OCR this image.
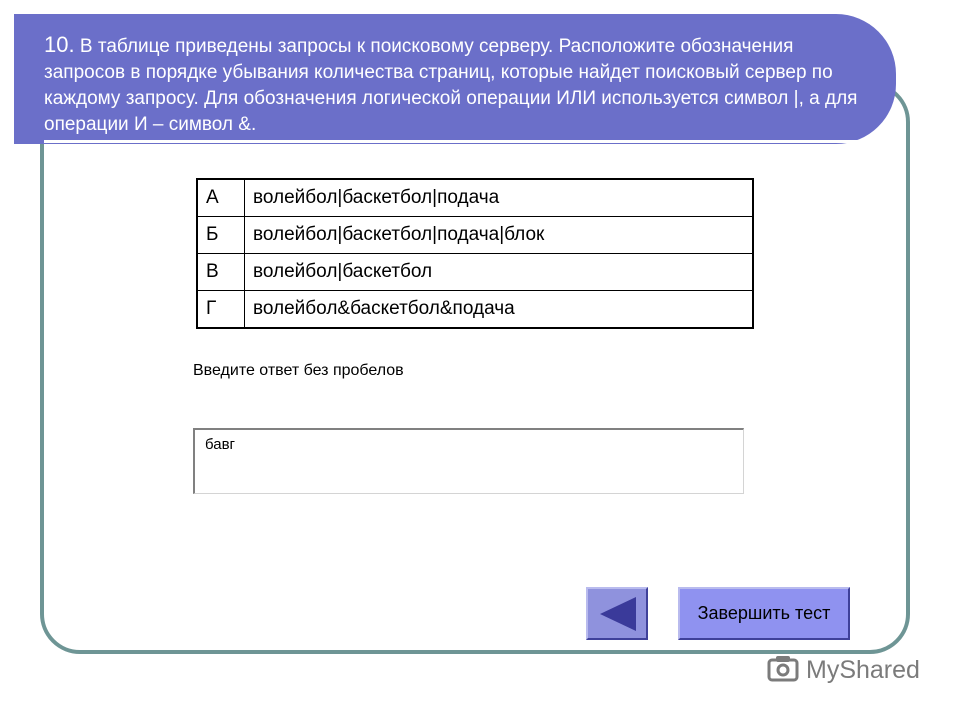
10. В таблице приведены запросы к поисковому серверу. Расположите обозначения запросов в порядке убывания количества страниц, которые найдет поисковый сервер по каждому запросу. Для обозначения логической операции ИЛИ используется символ |, а для операции И – символ &.
А	волейбол|баскетбол|подача
Б	волейбол|баскетбол|подача|блок
В	волейбол|баскетбол
Г	волейбол&баскетбол&подача
Введите ответ без пробелов
бавг
Завершить тест
MyShared
